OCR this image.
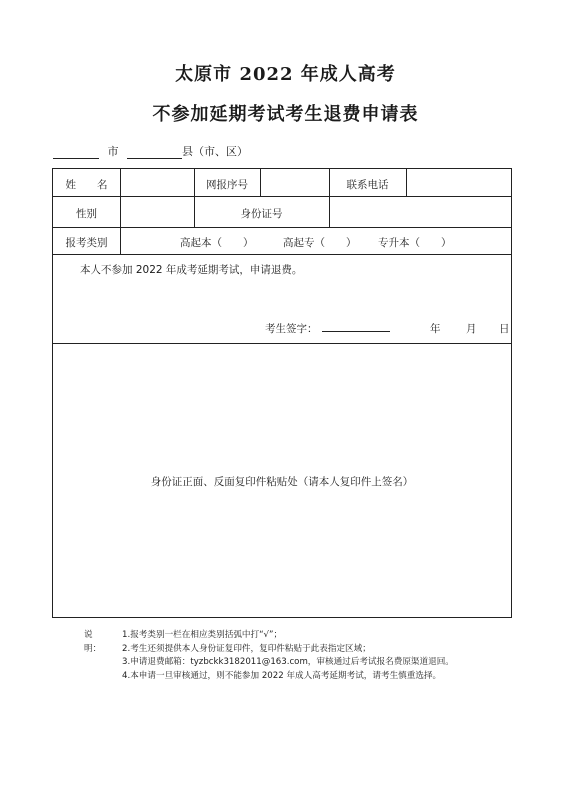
太原市 2022 年成人高考
不参加延期考试考生退费申请表
市	县（市、区）
姓　　名	网报序号	联系电话
性别	身份证号
报考类别	高起本（　　）	高起专（　　） 专升本（　　）
本人不参加 2022 年成考延期考试，申请退费。
考生签字：	年 月 日
身份证正面、反面复印件粘贴处（请本人复印件上签名）
说明：
1.报考类别一栏在相应类别括弧中打“√”；
2.考生还须提供本人身份证复印件，复印件粘贴于此表指定区域；
3.申请退费邮箱：tyzbckk3182011@163.com，审核通过后考试报名费原渠道退回。
4.本申请一旦审核通过，则不能参加 2022 年成人高考延期考试，请考生慎重选择。
